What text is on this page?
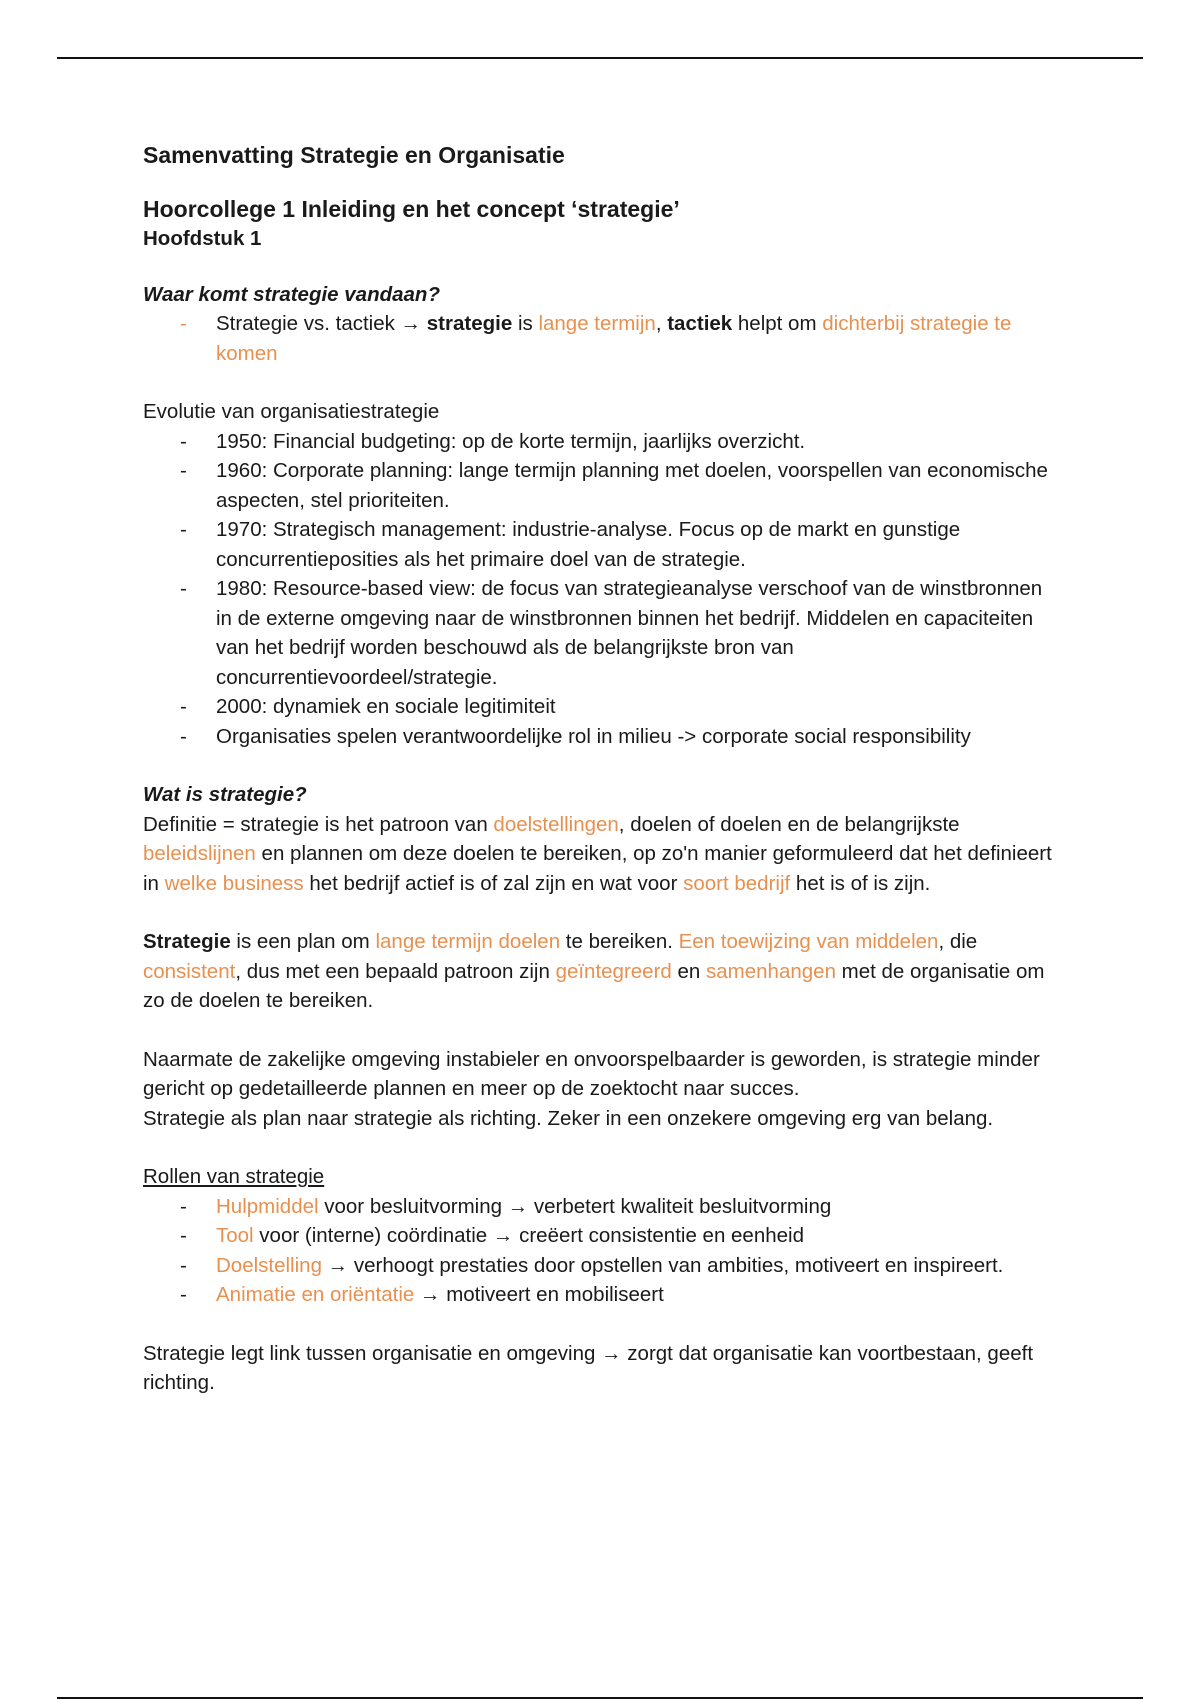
Samenvatting Strategie en Organisatie
Hoorcollege 1 Inleiding en het concept ‘strategie’
Hoofdstuk 1
Waar komt strategie vandaan?
- Strategie vs. tactiek → strategie is lange termijn, tactiek helpt om dichterbij strategie te komen

Evolutie van organisatiestrategie

- 1950: Financial budgeting: op de korte termijn, jaarlijks overzicht.
- 1960: Corporate planning: lange termijn planning met doelen, voorspellen van economische aspecten, stel prioriteiten.
- 1970: Strategisch management: industrie-analyse. Focus op de markt en gunstige concurrentieposities als het primaire doel van de strategie.
- 1980: Resource-based view: de focus van strategieanalyse verschoof van de winstbronnen in de externe omgeving naar de winstbronnen binnen het bedrijf. Middelen en capaciteiten van het bedrijf worden beschouwd als de belangrijkste bron van concurrentievoordeel/strategie.
- 2000: dynamiek en sociale legitimiteit
- Organisaties spelen verantwoordelijke rol in milieu -> corporate social responsibility
Wat is strategie?

Definitie = strategie is het patroon van doelstellingen, doelen of doelen en de belangrijkste beleidslijnen en plannen om deze doelen te bereiken, op zo'n manier geformuleerd dat het definieert in welke business het bedrijf actief is of zal zijn en wat voor soort bedrijf het is of is zijn.

Strategie is een plan om lange termijn doelen te bereiken. Een toewijzing van middelen, die consistent, dus met een bepaald patroon zijn geïntegreerd en samenhangen met de organisatie om zo de doelen te bereiken.

Naarmate de zakelijke omgeving instabieler en onvoorspelbaarder is geworden, is strategie minder gericht op gedetailleerde plannen en meer op de zoektocht naar succes.

Strategie als plan naar strategie als richting. Zeker in een onzekere omgeving erg van belang.

Rollen van strategie

- Hulpmiddel voor besluitvorming → verbetert kwaliteit besluitvorming
- Tool voor (interne) coördinatie → creëert consistentie en eenheid
- Doelstelling → verhoogt prestaties door opstellen van ambities, motiveert en inspireert.
- Animatie en oriëntatie → motiveert en mobiliseert

Strategie legt link tussen organisatie en omgeving → zorgt dat organisatie kan voortbestaan, geeft richting.
